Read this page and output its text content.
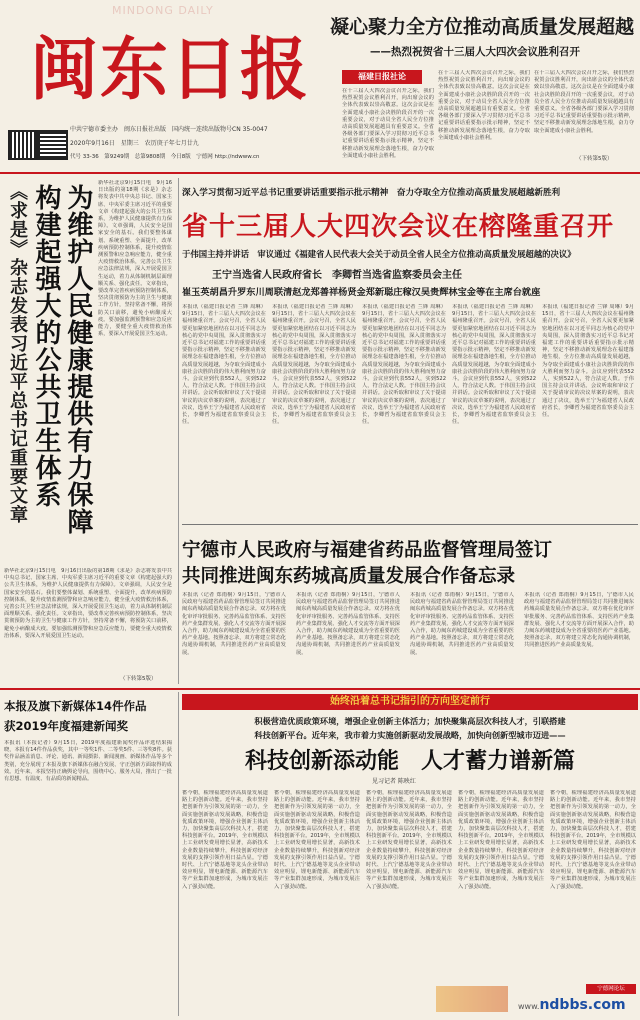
MINDONG DAILY
闽 东 日 报
中共宁德市委主办　闽东日报社出版　国内统一连续出版物号CN 35-0047
2020年9月16日　星期三　农历庚子年七月廿九
代号 33-36　第9249期　总第9808期　今日8版　宁德网 http://ndwww.cn
凝心聚力全方位推动高质量发展超越
——热烈祝贺省十三届人大四次会议胜利召开
福建日报社论
在十三届人大四次会议召开之际，我们热烈祝贺会议胜利召开，向出席会议的全体代表致以崇高敬意。这次会议是在全面建成小康社会决胜阶段召开的一次重要会议，对于动员全省人民全方位推动高质量发展超越具有重要意义。全省各级各部门要深入学习贯彻习近平总书记重要讲话重要指示批示精神，坚定不移推动新发展理念落地生根，奋力夺取全面建成小康社会胜利。
在十三届人大四次会议召开之际，我们热烈祝贺会议胜利召开，向出席会议的全体代表致以崇高敬意。这次会议是在全面建成小康社会决胜阶段召开的一次重要会议，对于动员全省人民全方位推动高质量发展超越具有重要意义。全省各级各部门要深入学习贯彻习近平总书记重要讲话重要指示批示精神，坚定不移推动新发展理念落地生根，奋力夺取全面建成小康社会胜利。
在十三届人大四次会议召开之际，我们热烈祝贺会议胜利召开，向出席会议的全体代表致以崇高敬意。这次会议是在全面建成小康社会决胜阶段召开的一次重要会议，对于动员全省人民全方位推动高质量发展超越具有重要意义。全省各级各部门要深入学习贯彻习近平总书记重要讲话重要指示批示精神，坚定不移推动新发展理念落地生根，奋力夺取全面建成小康社会胜利。
（下转第5版）
《求是》杂志发表习近平总书记重要文章	为维护人民健康提供有力保障　构建起强大的公共卫生体系
新华社北京9月15日电　9月16日出版的第18期《求是》杂志将发表中共中央总书记、国家主席、中央军委主席习近平的重要文章《构建起强大的公共卫生体系，为维护人民健康提供有力保障》。文章强调，人民安全是国家安全的基石。我们要整体谋划、系统重塑、全面提升，改革疾病预防控制体系，提升疫情监测预警和应急响应能力，健全重大疫情救治体系，完善公共卫生应急法律法规，深入开展爱国卫生运动，着力从体制机制层面理顺关系、强化责任。文章指出，要改革完善疾病预防控制体系，坚决贯彻预防为主的卫生与健康工作方针，坚持常备不懈，将预防关口前移，避免小病酿成大疫。要加强监测预警和应急反应能力，要健全重大疫情救治体系，要深入开展爱国卫生运动。
新华社北京9月15日电　9月16日出版的第18期《求是》杂志将发表中共中央总书记、国家主席、中央军委主席习近平的重要文章《构建起强大的公共卫生体系，为维护人民健康提供有力保障》。文章强调，人民安全是国家安全的基石。我们要整体谋划、系统重塑、全面提升，改革疾病预防控制体系，提升疫情监测预警和应急响应能力，健全重大疫情救治体系，完善公共卫生应急法律法规，深入开展爱国卫生运动，着力从体制机制层面理顺关系、强化责任。文章指出，要改革完善疾病预防控制体系，坚决贯彻预防为主的卫生与健康工作方针，坚持常备不懈，将预防关口前移，避免小病酿成大疫。要加强监测预警和应急反应能力，要健全重大疫情救治体系，要深入开展爱国卫生运动。
（下转第5版）
深入学习贯彻习近平总书记重要讲话重要指示批示精神　奋力夺取全方位推动高质量发展超越新胜利
省十三届人大四次会议在榕隆重召开
于伟国主持并讲话　审议通过《福建省人民代表大会关于动员全省人民全方位推动高质量发展超越的决议》
王宁当选省人民政府省长　李卿哲当选省监察委员会主任
崔玉英胡昌升罗东川周联清赵龙郑善祥杨贤金郑新聪庄稼汉吴贵辉林宝金等在主席台就座
本报讯（福建日报记者 兰锋 周琳）9月15日，省十三届人大四次会议在福州隆重召开。会议号召，全省人民要更加紧密地团结在以习近平同志为核心的党中央周围，深入贯彻落实习近平总书记对福建工作的重要讲话重要指示批示精神，坚定不移推动新发展理念在福建落地生根，全方位推动高质量发展超越，为夺取全面建成小康社会决胜阶段的伟大胜利而努力奋斗。会议应到代表552人，实到522人，符合法定人数。于伟国主持会议并讲话。会议听取和审议了关于提请审议的决议草案的说明，表决通过了决议，选举王宁为福建省人民政府省长，李卿哲为福建省监察委员会主任。
本报讯（福建日报记者 兰锋 周琳）9月15日，省十三届人大四次会议在福州隆重召开。会议号召，全省人民要更加紧密地团结在以习近平同志为核心的党中央周围，深入贯彻落实习近平总书记对福建工作的重要讲话重要指示批示精神，坚定不移推动新发展理念在福建落地生根，全方位推动高质量发展超越，为夺取全面建成小康社会决胜阶段的伟大胜利而努力奋斗。会议应到代表552人，实到522人，符合法定人数。于伟国主持会议并讲话。会议听取和审议了关于提请审议的决议草案的说明，表决通过了决议，选举王宁为福建省人民政府省长，李卿哲为福建省监察委员会主任。
本报讯（福建日报记者 兰锋 周琳）9月15日，省十三届人大四次会议在福州隆重召开。会议号召，全省人民要更加紧密地团结在以习近平同志为核心的党中央周围，深入贯彻落实习近平总书记对福建工作的重要讲话重要指示批示精神，坚定不移推动新发展理念在福建落地生根，全方位推动高质量发展超越，为夺取全面建成小康社会决胜阶段的伟大胜利而努力奋斗。会议应到代表552人，实到522人，符合法定人数。于伟国主持会议并讲话。会议听取和审议了关于提请审议的决议草案的说明，表决通过了决议，选举王宁为福建省人民政府省长，李卿哲为福建省监察委员会主任。
本报讯（福建日报记者 兰锋 周琳）9月15日，省十三届人大四次会议在福州隆重召开。会议号召，全省人民要更加紧密地团结在以习近平同志为核心的党中央周围，深入贯彻落实习近平总书记对福建工作的重要讲话重要指示批示精神，坚定不移推动新发展理念在福建落地生根，全方位推动高质量发展超越，为夺取全面建成小康社会决胜阶段的伟大胜利而努力奋斗。会议应到代表552人，实到522人，符合法定人数。于伟国主持会议并讲话。会议听取和审议了关于提请审议的决议草案的说明，表决通过了决议，选举王宁为福建省人民政府省长，李卿哲为福建省监察委员会主任。
本报讯（福建日报记者 兰锋 周琳）9月15日，省十三届人大四次会议在福州隆重召开。会议号召，全省人民要更加紧密地团结在以习近平同志为核心的党中央周围，深入贯彻落实习近平总书记对福建工作的重要讲话重要指示批示精神，坚定不移推动新发展理念在福建落地生根，全方位推动高质量发展超越，为夺取全面建成小康社会决胜阶段的伟大胜利而努力奋斗。会议应到代表552人，实到522人，符合法定人数。于伟国主持会议并讲话。会议听取和审议了关于提请审议的决议草案的说明，表决通过了决议，选举王宁为福建省人民政府省长，李卿哲为福建省监察委员会主任。
宁德市人民政府与福建省药品监督管理局签订
共同推进闽东药城高质量发展合作备忘录
本报讯（记者 郑雨桐）9月15日，宁德市人民政府与福建省药品监督管理局签订共同推进闽东药城高质量发展合作备忘录。双方将在优化审评审批服务、完善药品监管体系、支持医药产业集群发展、强化人才交流等方面开展深入合作，助力闽东药城建设成为全省重要的医药产业基地。按照备忘录，双方将建立常态化沟通协调机制，共同推进医药产业高质量发展。
本报讯（记者 郑雨桐）9月15日，宁德市人民政府与福建省药品监督管理局签订共同推进闽东药城高质量发展合作备忘录。双方将在优化审评审批服务、完善药品监管体系、支持医药产业集群发展、强化人才交流等方面开展深入合作，助力闽东药城建设成为全省重要的医药产业基地。按照备忘录，双方将建立常态化沟通协调机制，共同推进医药产业高质量发展。
本报讯（记者 郑雨桐）9月15日，宁德市人民政府与福建省药品监督管理局签订共同推进闽东药城高质量发展合作备忘录。双方将在优化审评审批服务、完善药品监管体系、支持医药产业集群发展、强化人才交流等方面开展深入合作，助力闽东药城建设成为全省重要的医药产业基地。按照备忘录，双方将建立常态化沟通协调机制，共同推进医药产业高质量发展。
本报讯（记者 郑雨桐）9月15日，宁德市人民政府与福建省药品监督管理局签订共同推进闽东药城高质量发展合作备忘录。双方将在优化审评审批服务、完善药品监管体系、支持医药产业集群发展、强化人才交流等方面开展深入合作，助力闽东药城建设成为全省重要的医药产业基地。按照备忘录，双方将建立常态化沟通协调机制，共同推进医药产业高质量发展。
本报及旗下新媒体14件作品
获2019年度福建新闻奖
本报讯（本报记者）9月15日，2019年度福建新闻奖作品评选结果揭晓，本报有14件作品获奖，其中一等奖1件、二等奖5件、三等奖8件。获奖作品涵盖消息、评论、通讯、新闻摄影、新闻漫画、新媒体作品等多个类别，充分展现了本报及旗下新媒体在融合发展、守正创新方面取得的成效。近年来，本报坚持正确舆论导向，围绕中心、服务大局，推出了一批有思想、有温度、有品质的新闻精品。
始终沿着总书记指引的方向坚定前行
积极营造优质政策环境，增强企业创新主体活力；加快聚集高层次科技人才，引联搭建
科技创新平台。近年来，我市着力实施创新驱动发展战略，加快向创新型城市迈进——
科技创新添动能　人才蓄力谱新篇
见习记者 陈映红
蓄今朝，梳理福建经济高质量发展道路上的创新动能。近年来，我市坚持把创新作为引领发展的第一动力，全面实施创新驱动发展战略，积极营造优质政策环境，增强企业创新主体活力，加快聚集高层次科技人才，搭建科技创新平台。2019年，全市规模以上工业研发费用增长显著，高新技术企业数量持续攀升，科技创新对经济发展的支撑引领作用日益凸显。宁德时代、上汽宁德基地等龙头企业带动效应明显，锂电新能源、新能源汽车等产业集群加速形成，为城市发展注入了强劲动能。
蓄今朝，梳理福建经济高质量发展道路上的创新动能。近年来，我市坚持把创新作为引领发展的第一动力，全面实施创新驱动发展战略，积极营造优质政策环境，增强企业创新主体活力，加快聚集高层次科技人才，搭建科技创新平台。2019年，全市规模以上工业研发费用增长显著，高新技术企业数量持续攀升，科技创新对经济发展的支撑引领作用日益凸显。宁德时代、上汽宁德基地等龙头企业带动效应明显，锂电新能源、新能源汽车等产业集群加速形成，为城市发展注入了强劲动能。
蓄今朝，梳理福建经济高质量发展道路上的创新动能。近年来，我市坚持把创新作为引领发展的第一动力，全面实施创新驱动发展战略，积极营造优质政策环境，增强企业创新主体活力，加快聚集高层次科技人才，搭建科技创新平台。2019年，全市规模以上工业研发费用增长显著，高新技术企业数量持续攀升，科技创新对经济发展的支撑引领作用日益凸显。宁德时代、上汽宁德基地等龙头企业带动效应明显，锂电新能源、新能源汽车等产业集群加速形成，为城市发展注入了强劲动能。
蓄今朝，梳理福建经济高质量发展道路上的创新动能。近年来，我市坚持把创新作为引领发展的第一动力，全面实施创新驱动发展战略，积极营造优质政策环境，增强企业创新主体活力，加快聚集高层次科技人才，搭建科技创新平台。2019年，全市规模以上工业研发费用增长显著，高新技术企业数量持续攀升，科技创新对经济发展的支撑引领作用日益凸显。宁德时代、上汽宁德基地等龙头企业带动效应明显，锂电新能源、新能源汽车等产业集群加速形成，为城市发展注入了强劲动能。
蓄今朝，梳理福建经济高质量发展道路上的创新动能。近年来，我市坚持把创新作为引领发展的第一动力，全面实施创新驱动发展战略，积极营造优质政策环境，增强企业创新主体活力，加快聚集高层次科技人才，搭建科技创新平台。2019年，全市规模以上工业研发费用增长显著，高新技术企业数量持续攀升，科技创新对经济发展的支撑引领作用日益凸显。宁德时代、上汽宁德基地等龙头企业带动效应明显，锂电新能源、新能源汽车等产业集群加速形成，为城市发展注入了强劲动能。
宁德网论坛
www.ndbbs.com
